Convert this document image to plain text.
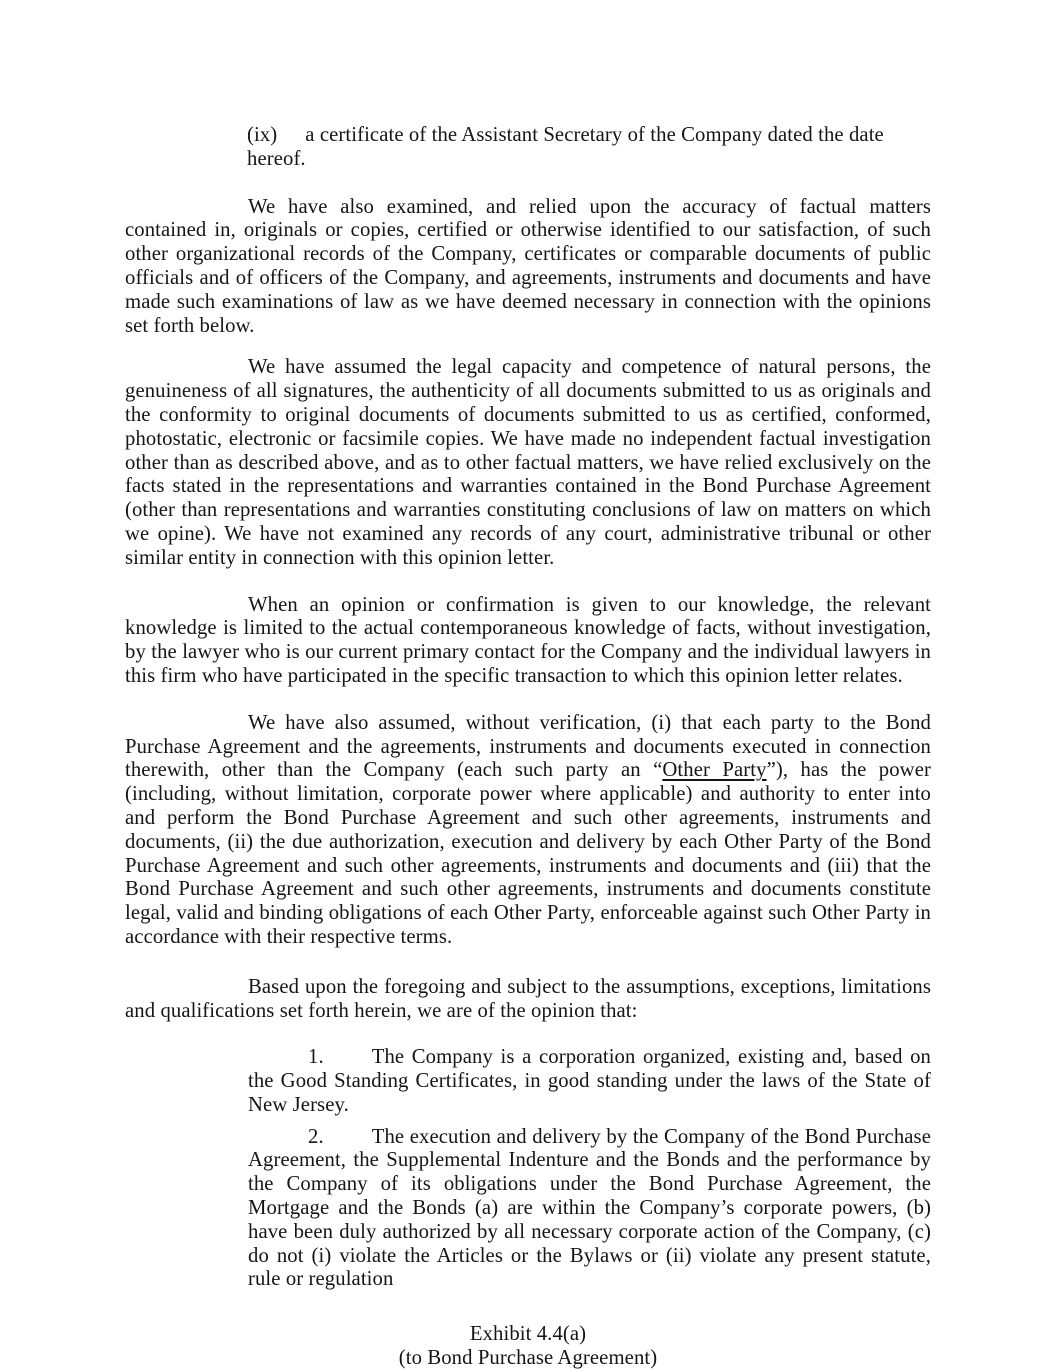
(ix) a certificate of the Assistant Secretary of the Company dated the date hereof.

We have also examined, and relied upon the accuracy of factual matters contained in, originals or copies, certified or otherwise identified to our satisfaction, of such other organizational records of the Company, certificates or comparable documents of public officials and of officers of the Company, and agreements, instruments and documents and have made such examinations of law as we have deemed necessary in connection with the opinions set forth below.

We have assumed the legal capacity and competence of natural persons, the genuineness of all signatures, the authenticity of all documents submitted to us as originals and the conformity to original documents of documents submitted to us as certified, conformed, photostatic, electronic or facsimile copies. We have made no independent factual investigation other than as described above, and as to other factual matters, we have relied exclusively on the facts stated in the representations and warranties contained in the Bond Purchase Agreement (other than representations and warranties constituting conclusions of law on matters on which we opine). We have not examined any records of any court, administrative tribunal or other similar entity in connection with this opinion letter.

When an opinion or confirmation is given to our knowledge, the relevant knowledge is limited to the actual contemporaneous knowledge of facts, without investigation, by the lawyer who is our current primary contact for the Company and the individual lawyers in this firm who have participated in the specific transaction to which this opinion letter relates.

We have also assumed, without verification, (i) that each party to the Bond Purchase Agreement and the agreements, instruments and documents executed in connection therewith, other than the Company (each such party an “Other Party”), has the power (including, without limitation, corporate power where applicable) and authority to enter into and perform the Bond Purchase Agreement and such other agreements, instruments and documents, (ii) the due authorization, execution and delivery by each Other Party of the Bond Purchase Agreement and such other agreements, instruments and documents and (iii) that the Bond Purchase Agreement and such other agreements, instruments and documents constitute legal, valid and binding obligations of each Other Party, enforceable against such Other Party in accordance with their respective terms.

Based upon the foregoing and subject to the assumptions, exceptions, limitations and qualifications set forth herein, we are of the opinion that:

1. The Company is a corporation organized, existing and, based on the Good Standing Certificates, in good standing under the laws of the State of New Jersey.

2. The execution and delivery by the Company of the Bond Purchase Agreement, the Supplemental Indenture and the Bonds and the performance by the Company of its obligations under the Bond Purchase Agreement, the Mortgage and the Bonds (a) are within the Company’s corporate powers, (b) have been duly authorized by all necessary corporate action of the Company, (c) do not (i) violate the Articles or the Bylaws or (ii) violate any present statute, rule or regulation

Exhibit 4.4(a)
(to Bond Purchase Agreement)
